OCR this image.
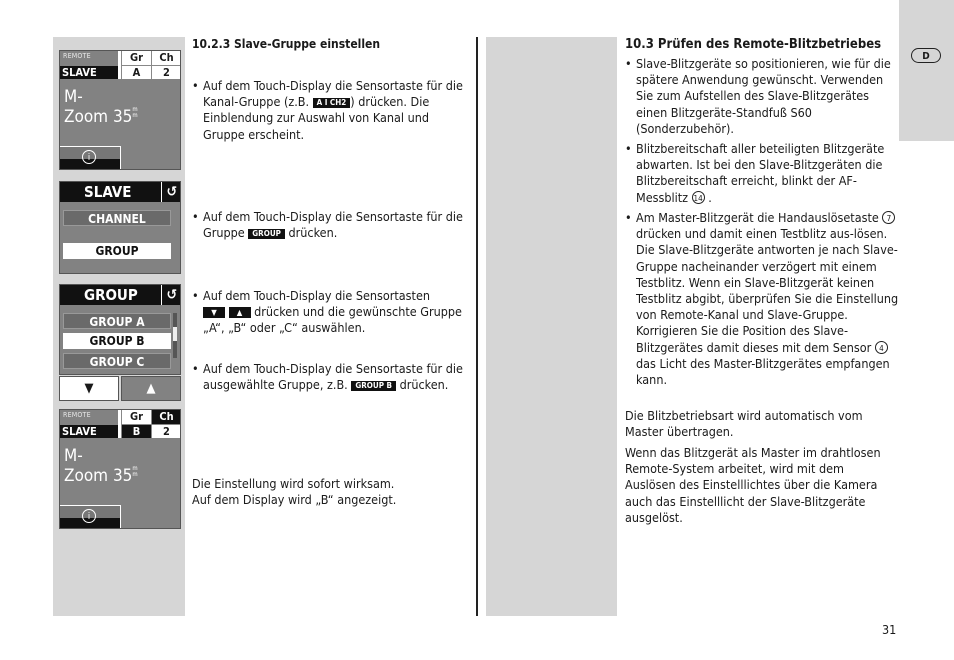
D
REMOTE
SLAVE
Gr
A
Ch
2
M-
Zoom $35^{m m}$
i
SLAVE	↺
CHANNEL
GROUP
GROUP	↺
GROUP A
GROUP B
GROUP C
▼	▲
REMOTE
SLAVE
Gr
B
Ch
2
M-
Zoom $35^{m m}$
i
10.2.3 Slave-Gruppe einstellen
• Auf dem Touch-Display die Sensortaste für die Kanal-Gruppe (z.B. A I CH2 ) drücken. Die Einblendung zur Auswahl von Kanal und Gruppe erscheint.
• Auf dem Touch-Display die Sensortaste für die Gruppe GROUP drücken.
• Auf dem Touch-Display die Sensortasten
▼	▲ drücken und die gewünschte Gruppe „A“, „B“ oder „C“ auswählen.
• Auf dem Touch-Display die Sensortaste für die ausgewählte Gruppe, z.B. GROUP B drücken.
Die Einstellung wird sofort wirksam.
Auf dem Display wird „B“ angezeigt.
10.3 Prüfen des Remote-Blitzbetriebes
• Slave-Blitzgeräte so positionieren, wie für die spätere Anwendung gewünscht. Verwenden Sie zum Aufstellen des Slave-Blitzgerätes einen Blitzgeräte-Standfuß S60 (Sonderzubehör).
• Blitzbereitschaft aller beteiligten Blitzgeräte abwarten. Ist bei den Slave-Blitzgeräten die Blitzbereitschaft erreicht, blinkt der AF-Messblitz 14 .
• Am Master-Blitzgerät die Handauslösetaste 7 drücken und damit einen Testblitz aus-lösen.
Die Slave-Blitzgeräte antworten je nach Slave-Gruppe nacheinander verzögert mit einem Testblitz. Wenn ein Slave-Blitzgerät keinen Testblitz abgibt, überprüfen Sie die Einstellung von Remote-Kanal und Slave-Gruppe. Korrigieren Sie die Position des Slave-Blitzgerätes damit dieses mit dem Sensor 4 das Licht des Master-Blitzgerätes empfangen kann.
Die Blitzbetriebsart wird automatisch vom Master übertragen.
Wenn das Blitzgerät als Master im drahtlosen Remote-System arbeitet, wird mit dem Auslösen des Einstelllichtes über die Kamera auch das Einstelllicht der Slave-Blitzgeräte ausgelöst.
31
